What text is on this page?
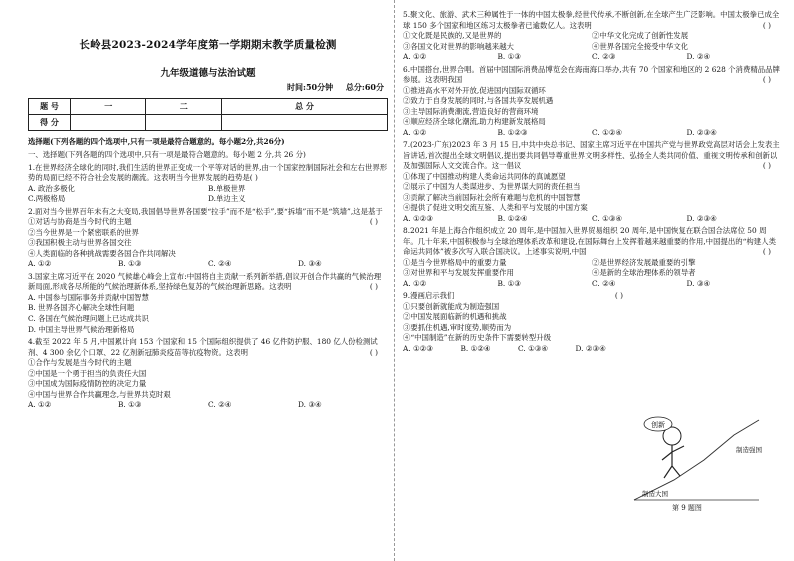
长岭县2023-2024学年度第一学期期末教学质量检测
九年级道德与法治试题
时间:50分钟 总分:60分
题 号	一	二	总 分
得 分			
选择题(下列各题的四个选项中,只有一项是最符合题意的。每小题2分,共26分)
一、选择题(下列各题的四个选项中,只有一项是最符合题意的。每小题 2 分,共 26 分)

1.在世界经济全球化的同时,我们生活的世界正变成一个平等对话的世界,由一个国家控制国际社会和左右世界形势的局面已经不符合社会发展的潮流。这表明当今世界发展的趋势是( )

A. 政治多极化	B.单极世界
C.两极格局	D.单边主义

2.面对当今世界百年未有之大变局,我国倡导世界各国要“拉手”而不是“松手”,要“拆墙”而不是“筑墙”,这是基于
( )

①对话与协商是当今时代的主题

②当今世界是一个紧密联系的世界

③我国积极主动与世界各国交往

④人类面临的各种挑战需要各国合作共同解决

A. ①②	B. ①③	C. ②④	D. ③④

3.国家主席习近平在 2020 气候雄心峰会上宣布:中国将自主贡献一系列新举措,倡议开创合作共赢的气候治理新局面,形成各尽所能的气候治理新体系,坚持绿色复苏的气候治理新思路。这表明	( )

A. 中国参与国际事务并贡献中国智慧

B. 世界各国齐心解决全球性问题

C. 各国在气候治理问题上已达成共识

D. 中国主导世界气候治理新格局

4.截至 2022 年 5 月,中国累计向 153 个国家和 15 个国际组织提供了 46 亿件防护服、180 亿人份检测试剂、4 300 余亿个口罩、22 亿剂新冠肺炎疫苗等抗疫物资。这表明	( )

①合作与发展是当今时代的主题

②中国是一个勇于担当的负责任大国

③中国成为国际疫情防控的决定力量

④中国与世界合作共赢理念,与世界共克时艰

A. ①②	B. ①③	C. ②④	D. ③④

5.聚文化、旅游、武术三种属性于一体的中国太极拳,经世代传承,不断创新,在全球产生广泛影响。中国太极拳已成全球 150 多个国家和地区练习太极拳者已逾数亿人。这表明	( )

①文化既是民族的,又是世界的	②中华文化完成了创新性发展
③各国文化对世界的影响越来越大	④世界各国完全接受中华文化
A. ①②	B. ①③	C. ②③	D. ②④

6.中国搭台,世界合唱。首届中国国际消费品博览会在海南海口举办,共有 70 个国家和地区的 2 628 个消费精品品牌参展。这表明我国	( )

①推进高水平对外开放,促进国内国际双循环

②致力于自身发展的同时,与各国共享发展机遇

③主导国际消费潮流,营造良好的营商环境

④顺应经济全球化潮流,助力构建新发展格局

A. ①②	B. ①②③	C. ①②④	D. ②③④

7.(2023·广东)2023 年 3 月 15 日,中共中央总书记、国家主席习近平在中国共产党与世界政党高层对话会上发表主旨讲话,首次提出全球文明倡议,提出要共同倡导尊重世界文明多样性、弘扬全人类共同价值、重视文明传承和创新以及加强国际人文交流合作。这一倡议	( )

①体现了中国推动构建人类命运共同体的真诚愿望

②展示了中国为人类谋进步、为世界谋大同的责任担当

③贡献了解决当前国际社会所有难题与危机的中国智慧

④提供了促进文明交流互鉴、人类和平与发展的中国方案

A. ①②③	B. ①②④	C. ①③④	D. ②③④

8.2021 年是上海合作组织成立 20 周年,是中国加入世界贸易组织 20 周年,是中国恢复在联合国合法席位 50 周年。几十年来,中国积极参与全球治理体系改革和建设,在国际舞台上发挥着越来越重要的作用,中国提出的“构建人类命运共同体”被多次写入联合国决议。上述事实说明,中国	( )

①是当今世界格局中的重要力量	②是世界经济发展最重要的引擎
③对世界和平与发展发挥重要作用	④是新的全球治理体系的领导者
A. ①②	B. ①③	C. ②④	D. ③④

9.漫画启示我们	( )

①只要创新就能成为制造强国

②中国发展面临新的机遇和挑战

③要抓住机遇,审时度势,顺势而为

④“中国制造”在新的历史条件下需要转型升级

A. ①②③	B. ①②④	C. ①③④	D. ②③④
创新
制造强国
制造大国
第 9 题图
